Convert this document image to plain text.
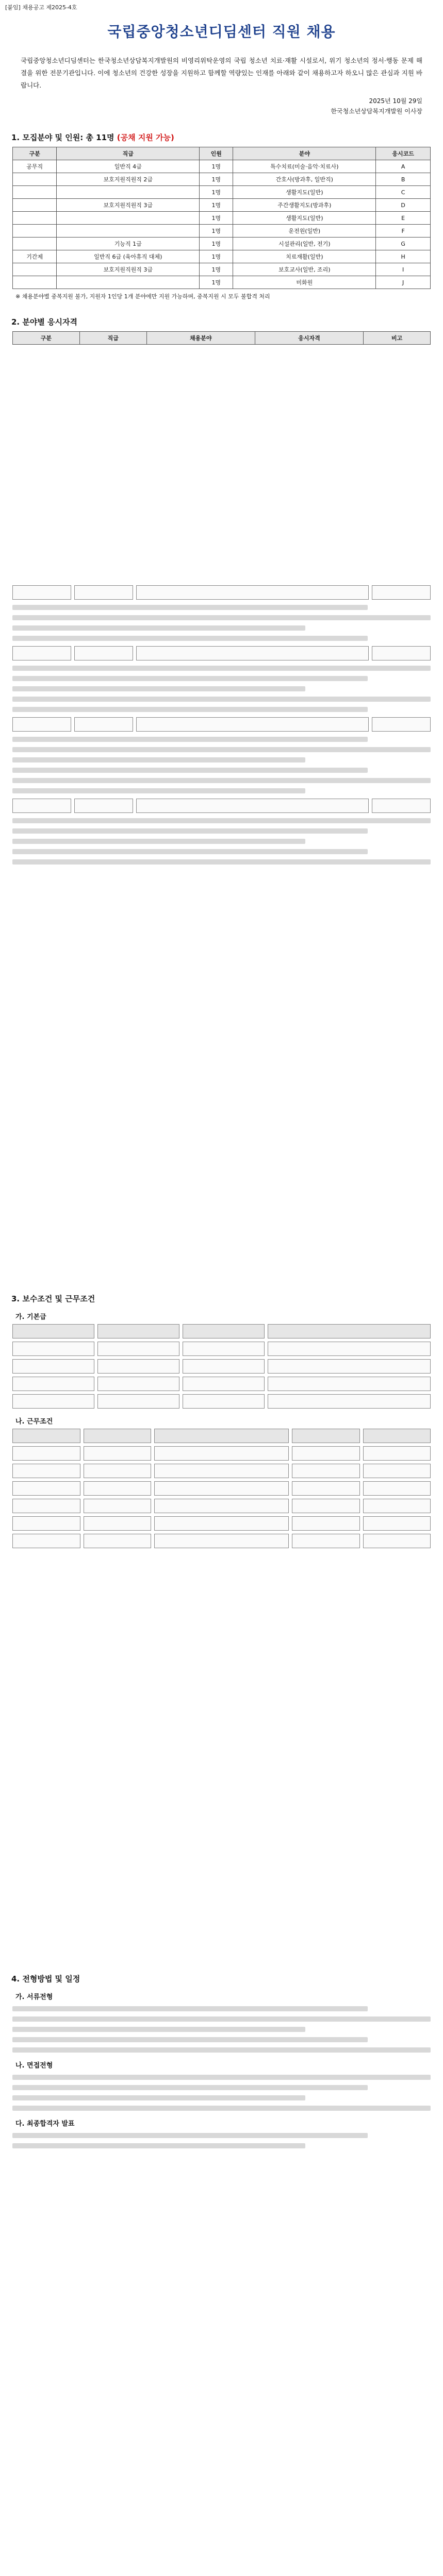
[붙임] 채용공고 제2025-4호
국립중앙청소년디딤센터 직원 채용

국립중앙청소년디딤센터는 한국청소년상담복지개발원의 비영리위탁운영의 국립 청소년 치료·재활 시설로서, 위기 청소년의 정서·행동 문제 해결을 위한 전문기관입니다. 이에 청소년의 건강한 성장을 지원하고 함께할 역량있는 인재를 아래와 같이 채용하고자 하오니 많은 관심과 지원 바랍니다.

2025년 10월 29일
한국청소년상담복지개발원 이사장
1. 모집분야 및 인원: 총 11명 (공채 지원 가능)
구분	직급	인원	분야	응시코드
공무직	일반직 4급	1명	특수치료(미술·음악·치료사)	A
	보호지원직원직 2급	1명	간호사(방과후, 일반직)	B
		1명	생활지도(일반)	C
	보호지원직원직 3급	1명	주간생활지도(방과후)	D
		1명	생활지도(일반)	E
		1명	운전원(일반)	F
	기능직 1급	1명	시설관리(일반, 전기)	G
기간제	일반직 6급 (육아휴직 대체)	1명	치료재활(일반)	H
	보호지원직원직 3급	1명	보호교사(일반, 조리)	I
		1명	미화원	J
※ 채용분야별 중복지원 불가, 지원자 1인당 1개 분야에만 지원 가능하며, 중복지원 시 모두 불합격 처리
2. 분야별 응시자격
구분	직급	채용분야	응시자격	비고
3. 보수조건 및 근무조건
가. 기본급
나. 근무조건
4. 전형방법 및 일정
가. 서류전형
나. 면접전형
다. 최종합격자 발표
